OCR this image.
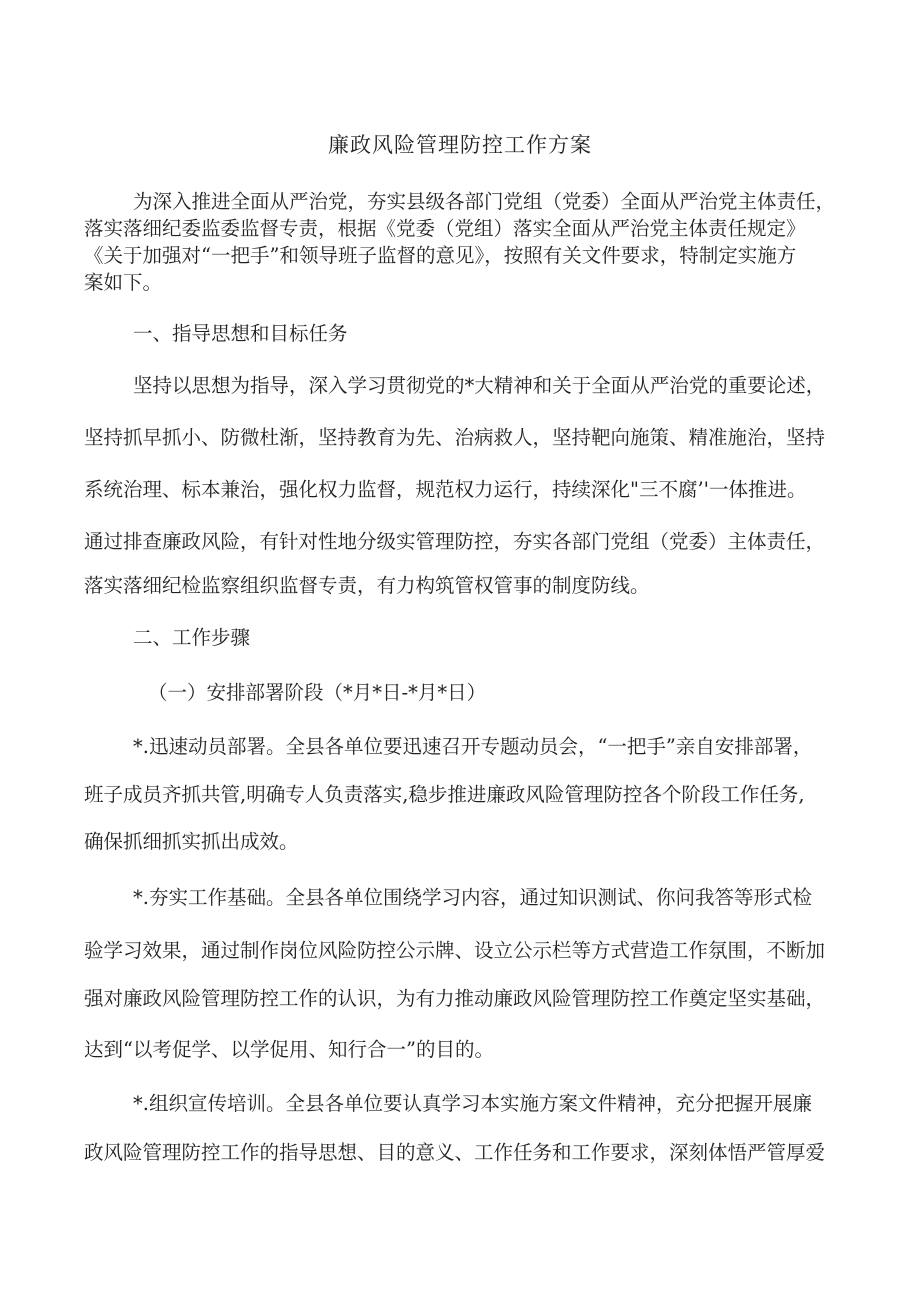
廉政风险管理防控工作方案
为深入推进全面从严治党，夯实县级各部门党组（党委）全面从严治党主体责任，
落实落细纪委监委监督专责，根据《党委（党组）落实全面从严治党主体责任规定》
《关于加强对“一把手”和领导班子监督的意见》，按照有关文件要求，特制定实施方
案如下。
一、指导思想和目标任务
坚持以思想为指导，深入学习贯彻党的*大精神和关于全面从严治党的重要论述，
坚持抓早抓小、防微杜渐，坚持教育为先、治病救人，坚持靶向施策、精准施治，坚持
系统治理、标本兼治，强化权力监督，规范权力运行，持续深化"三不腐’'一体推进。
通过排查廉政风险，有针对性地分级实管理防控，夯实各部门党组（党委）主体责任，
落实落细纪检监察组织监督专责，有力构筑管权管事的制度防线。
二、工作步骤
（一）安排部署阶段（*月*日-*月*日）
*.迅速动员部署。全县各单位要迅速召开专题动员会，“一把手”亲自安排部署，
班子成员齐抓共管,明确专人负责落实,稳步推进廉政风险管理防控各个阶段工作任务,
确保抓细抓实抓出成效。
*.夯实工作基础。全县各单位围绕学习内容，通过知识测试、你问我答等形式检
验学习效果，通过制作岗位风险防控公示牌、设立公示栏等方式营造工作氛围，不断加
强对廉政风险管理防控工作的认识，为有力推动廉政风险管理防控工作奠定坚实基础，
达到“以考促学、以学促用、知行合一”的目的。
*.组织宣传培训。全县各单位要认真学习本实施方案文件精神，充分把握开展廉
政风险管理防控工作的指导思想、目的意义、工作任务和工作要求，深刻体悟严管厚爱
